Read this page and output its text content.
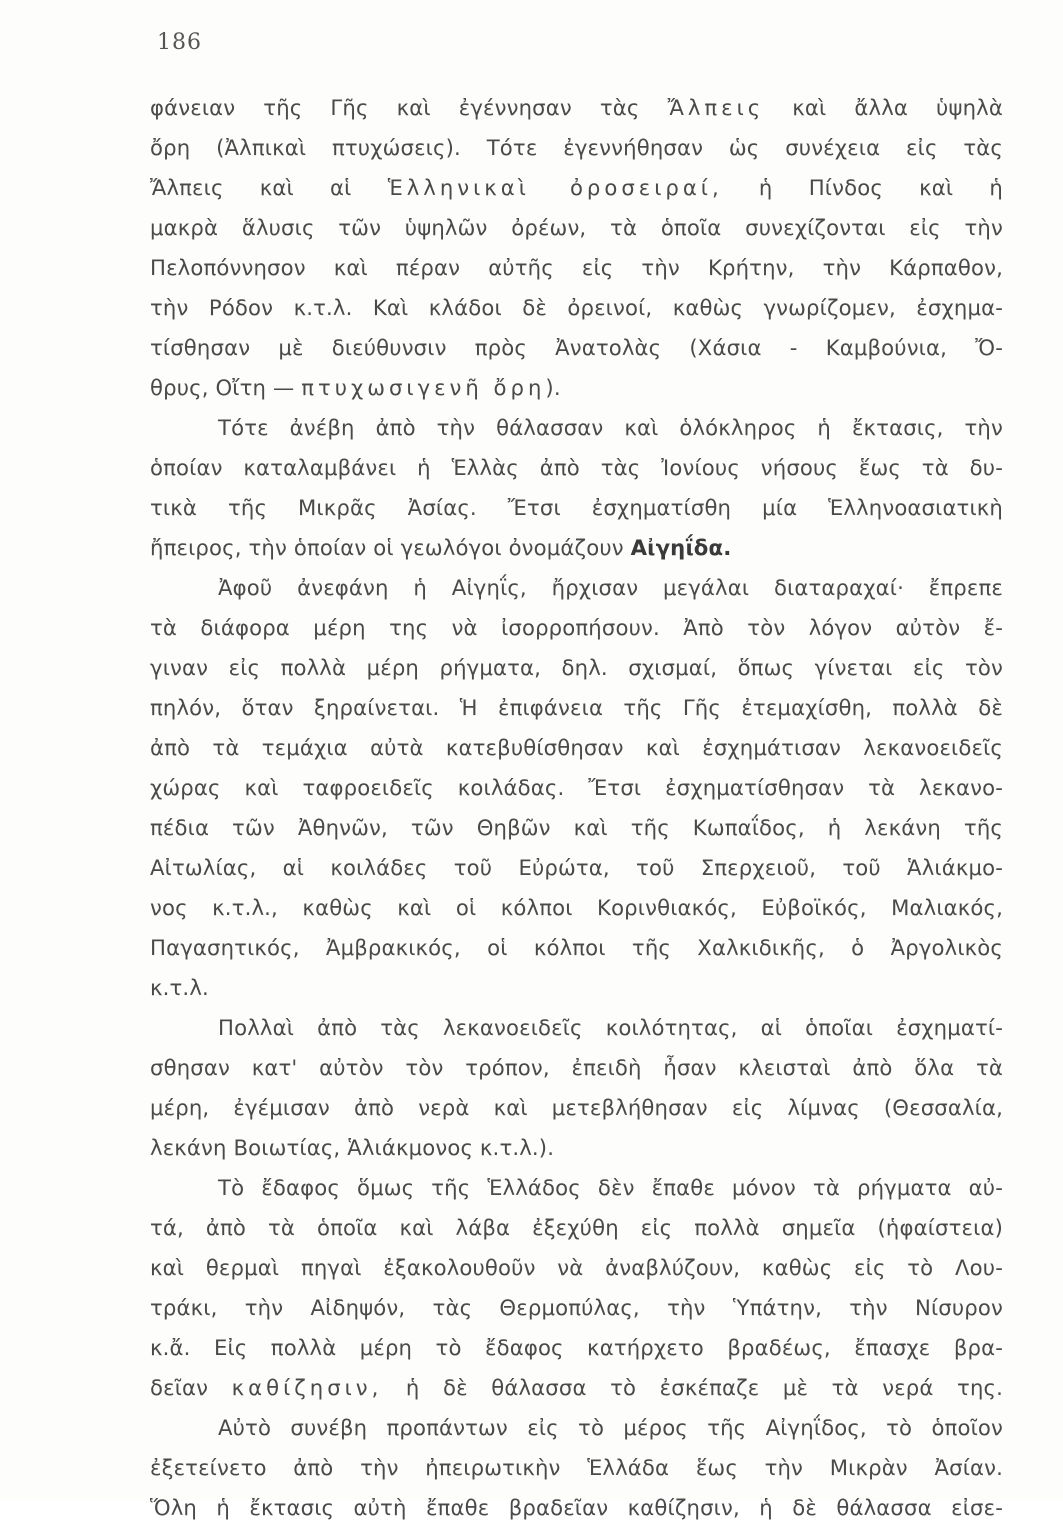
186
φάνειαν τῆς Γῆς καὶ ἐγέννησαν τὰς Ἄλπεις καὶ ἄλλα ὑψηλὰ
ὄρη (Ἀλπικαὶ πτυχώσεις). Τότε ἐγεννήθησαν ὡς συνέχεια εἰς τὰς
Ἄλπεις καὶ αἱ Ἑλληνικαὶ ὀροσειραί, ἡ Πίνδος καὶ ἡ
μακρὰ ἅλυσις τῶν ὑψηλῶν ὀρέων, τὰ ὁποῖα συνεχίζονται εἰς τὴν
Πελοπόννησον καὶ πέραν αὐτῆς εἰς τὴν Κρήτην, τὴν Κάρπαθον,
τὴν Ρόδον κ.τ.λ. Καὶ κλάδοι δὲ ὀρεινοί, καθὼς γνωρίζομεν, ἐσχημα-
τίσθησαν μὲ διεύθυνσιν πρὸς Ἀνατολὰς (Χάσια - Καμβούνια, Ὄ-
θρυς, Οἴτη — πτυχωσιγενῆ ὄρη).
Τότε ἀνέβη ἀπὸ τὴν θάλασσαν καὶ ὁλόκληρος ἡ ἔκτασις, τὴν
ὁποίαν καταλαμβάνει ἡ Ἑλλὰς ἀπὸ τὰς Ἰονίους νήσους ἕως τὰ δυ-
τικὰ τῆς Μικρᾶς Ἀσίας. Ἔτσι ἐσχηματίσθη μία Ἑλληνοασιατικὴ
ἤπειρος, τὴν ὁποίαν οἱ γεωλόγοι ὀνομάζουν Αἰγηΐδα.
Ἀφοῦ ἀνεφάνη ἡ Αἰγηΐς, ἤρχισαν μεγάλαι διαταραχαί· ἔπρεπε
τὰ διάφορα μέρη της νὰ ἰσορροπήσουν. Ἀπὸ τὸν λόγον αὐτὸν ἔ-
γιναν εἰς πολλὰ μέρη ρήγματα, δηλ. σχισμαί, ὅπως γίνεται εἰς τὸν
πηλόν, ὅταν ξηραίνεται. Ἡ ἐπιφάνεια τῆς Γῆς ἐτεμαχίσθη, πολλὰ δὲ
ἀπὸ τὰ τεμάχια αὐτὰ κατεβυθίσθησαν καὶ ἐσχημάτισαν λεκανοειδεῖς
χώρας καὶ ταφροειδεῖς κοιλάδας. Ἔτσι ἐσχηματίσθησαν τὰ λεκανο-
πέδια τῶν Ἀθηνῶν, τῶν Θηβῶν καὶ τῆς Κωπαΐδος, ἡ λεκάνη τῆς
Αἰτωλίας, αἱ κοιλάδες τοῦ Εὐρώτα, τοῦ Σπερχειοῦ, τοῦ Ἁλιάκμο-
νος κ.τ.λ., καθὼς καὶ οἱ κόλποι Κορινθιακός, Εὐβοϊκός, Μαλιακός,
Παγασητικός, Ἀμβρακικός, οἱ κόλποι τῆς Χαλκιδικῆς, ὁ Ἀργολικὸς
κ.τ.λ.
Πολλαὶ ἀπὸ τὰς λεκανοειδεῖς κοιλότητας, αἱ ὁποῖαι ἐσχηματί-
σθησαν κατ' αὐτὸν τὸν τρόπον, ἐπειδὴ ἦσαν κλεισταὶ ἀπὸ ὅλα τὰ
μέρη, ἐγέμισαν ἀπὸ νερὰ καὶ μετεβλήθησαν εἰς λίμνας (Θεσσαλία,
λεκάνη Βοιωτίας, Ἁλιάκμονος κ.τ.λ.).
Τὸ ἔδαφος ὅμως τῆς Ἑλλάδος δὲν ἔπαθε μόνον τὰ ρήγματα αὐ-
τά, ἀπὸ τὰ ὁποῖα καὶ λάβα ἐξεχύθη εἰς πολλὰ σημεῖα (ἡφαίστεια)
καὶ θερμαὶ πηγαὶ ἐξακολουθοῦν νὰ ἀναβλύζουν, καθὼς εἰς τὸ Λου-
τράκι, τὴν Αἰδηψόν, τὰς Θερμοπύλας, τὴν Ὑπάτην, τὴν Νίσυρον
κ.ἄ. Εἰς πολλὰ μέρη τὸ ἔδαφος κατήρχετο βραδέως, ἔπασχε βρα-
δεῖαν καθίζησιν, ἡ δὲ θάλασσα τὸ ἐσκέπαζε μὲ τὰ νερά της.
Αὐτὸ συνέβη προπάντων εἰς τὸ μέρος τῆς Αἰγηΐδος, τὸ ὁποῖον
ἐξετείνετο ἀπὸ τὴν ἠπειρωτικὴν Ἑλλάδα ἕως τὴν Μικρὰν Ἀσίαν.
Ὅλη ἡ ἔκτασις αὐτὴ ἔπαθε βραδεῖαν καθίζησιν, ἡ δὲ θάλασσα εἰσε-
